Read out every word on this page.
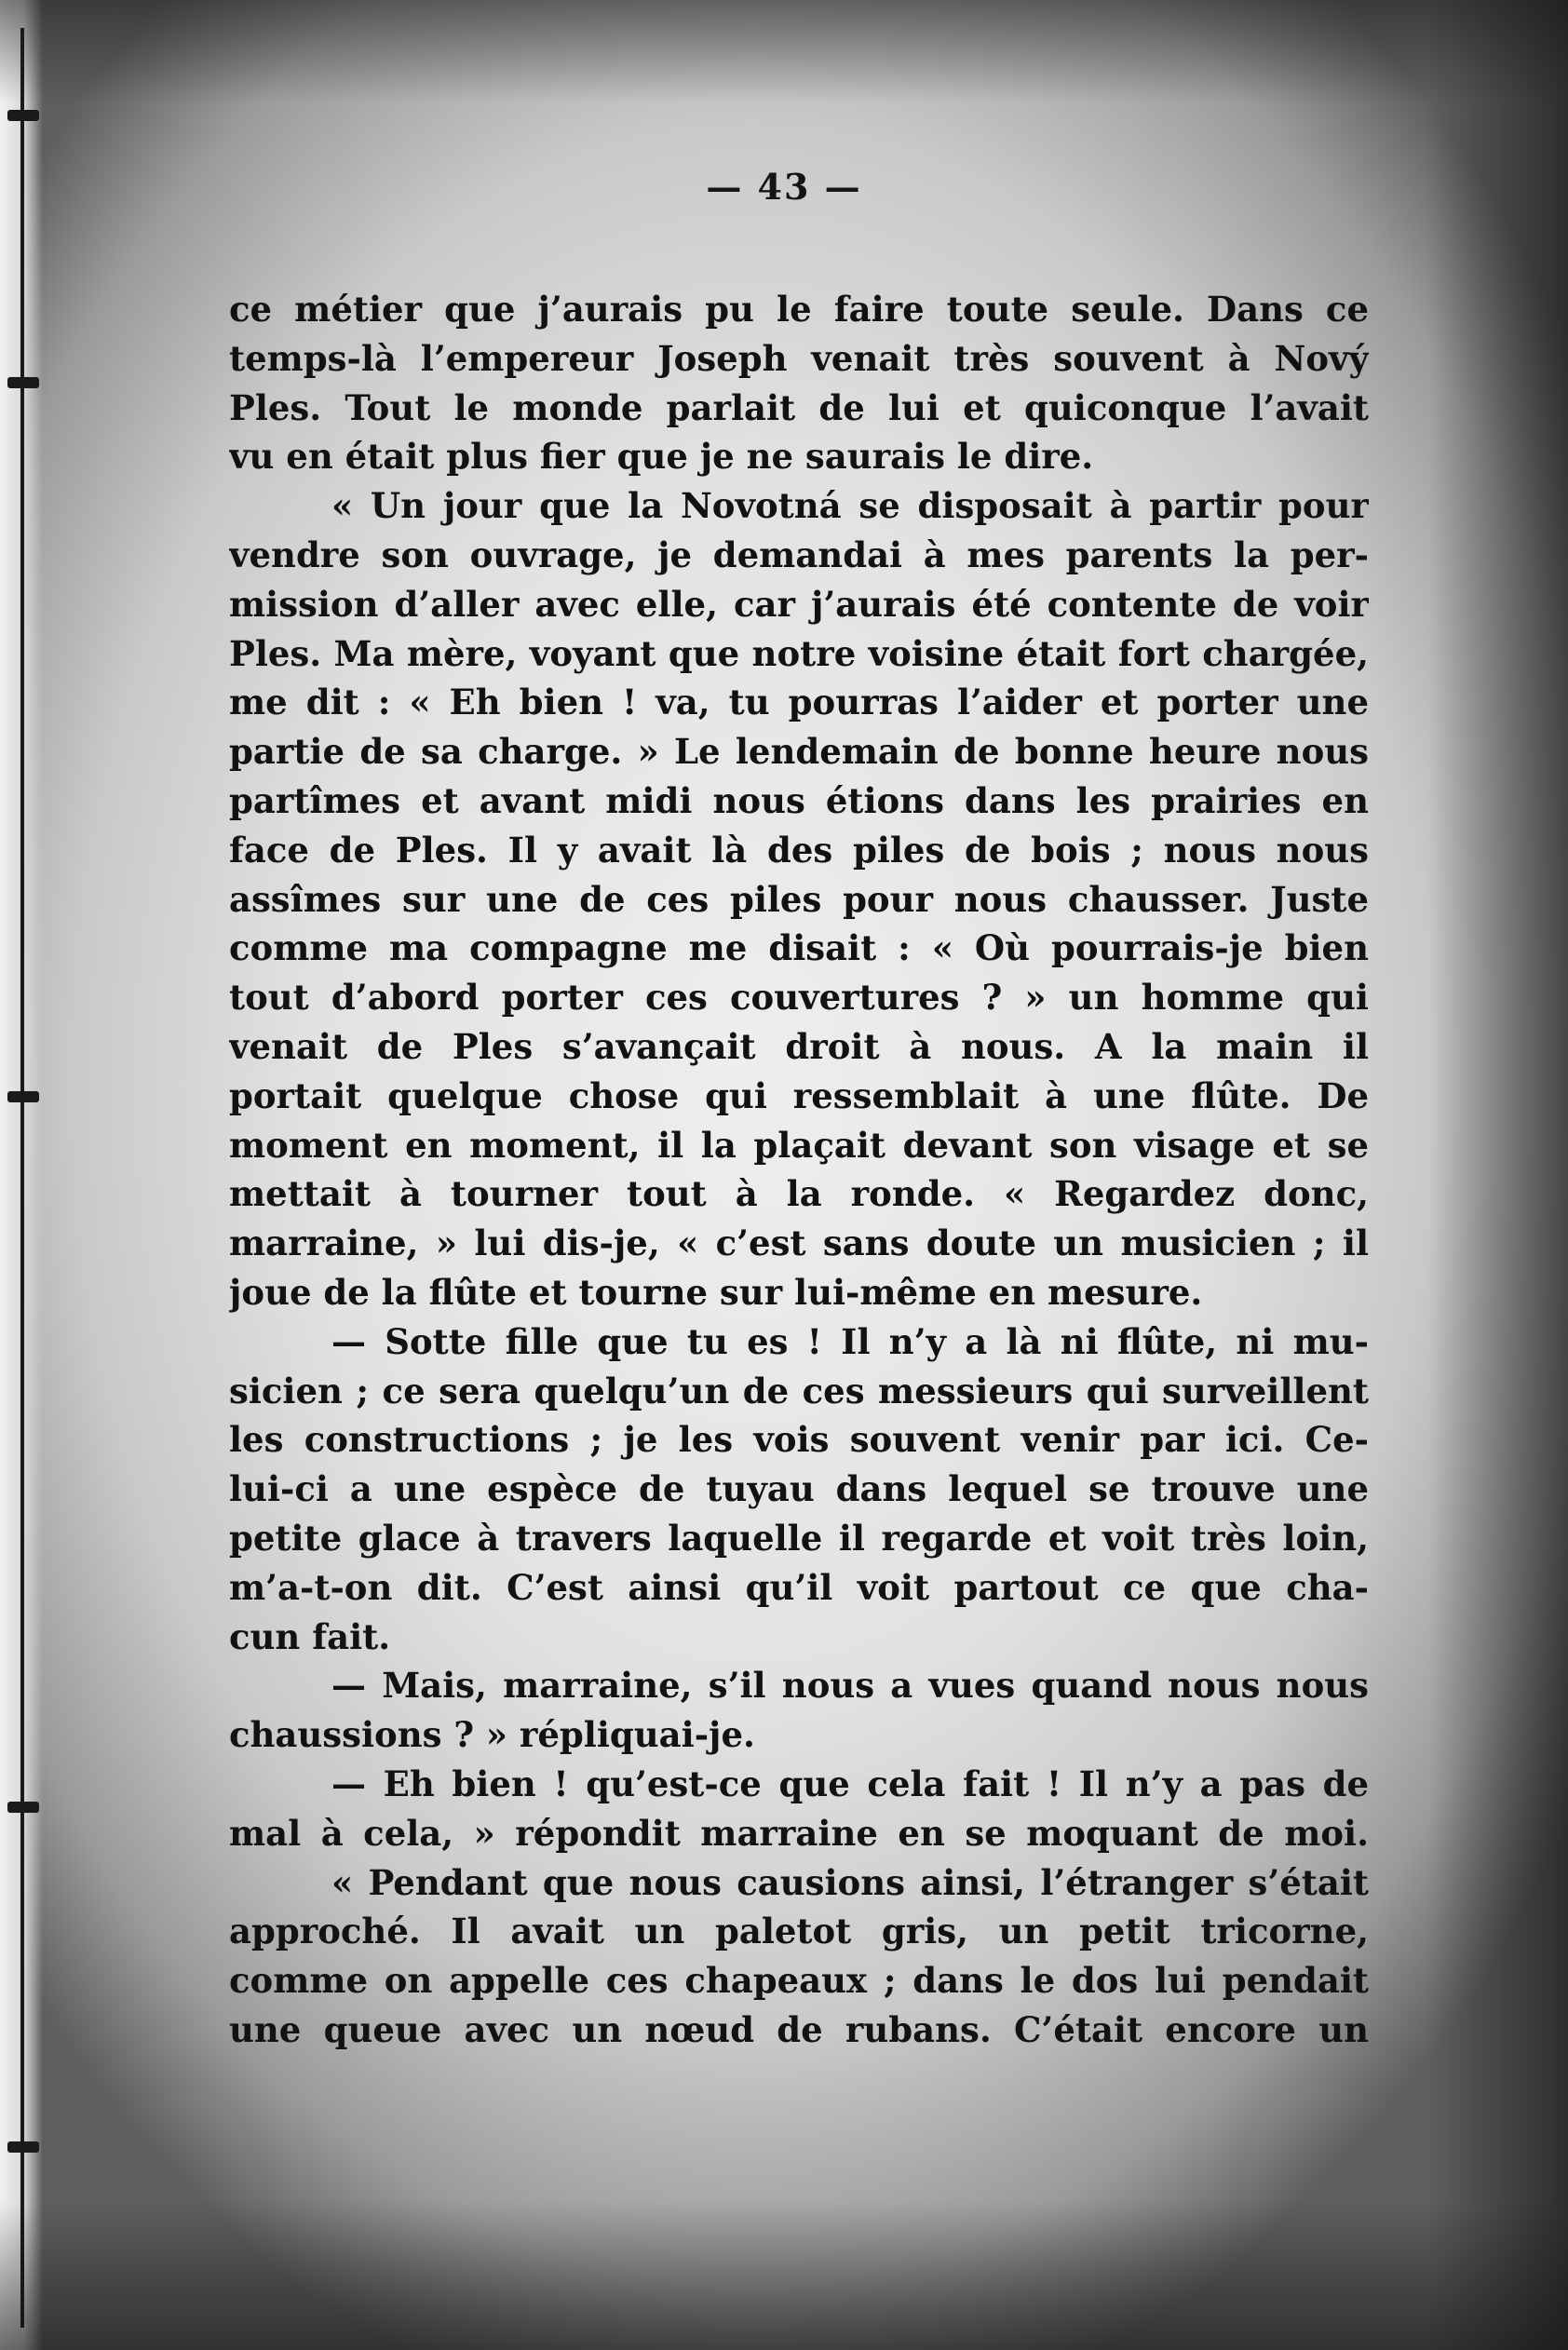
— 43 —
ce métier que j’aurais pu le faire toute seule. Dans ce
temps-là l’empereur Joseph venait très souvent à Nový
Ples. Tout le monde parlait de lui et quiconque l’avait
vu en était plus fier que je ne saurais le dire.
« Un jour que la Novotná se disposait à partir pour
vendre son ouvrage, je demandai à mes parents la per-
mission d’aller avec elle, car j’aurais été contente de voir
Ples. Ma mère, voyant que notre voisine était fort chargée,
me dit : « Eh bien ! va, tu pourras l’aider et porter une
partie de sa charge. » Le lendemain de bonne heure nous
partîmes et avant midi nous étions dans les prairies en
face de Ples. Il y avait là des piles de bois ; nous nous
assîmes sur une de ces piles pour nous chausser. Juste
comme ma compagne me disait : « Où pourrais-je bien
tout d’abord porter ces couvertures ? » un homme qui
venait de Ples s’avançait droit à nous. A la main il
portait quelque chose qui ressemblait à une flûte. De
moment en moment, il la plaçait devant son visage et se
mettait à tourner tout à la ronde. « Regardez donc,
marraine, » lui dis-je, « c’est sans doute un musicien ; il
joue de la flûte et tourne sur lui-même en mesure.
— Sotte fille que tu es ! Il n’y a là ni flûte, ni mu-
sicien ; ce sera quelqu’un de ces messieurs qui surveillent
les constructions ; je les vois souvent venir par ici. Ce-
lui-ci a une espèce de tuyau dans lequel se trouve une
petite glace à travers laquelle il regarde et voit très loin,
m’a-t-on dit. C’est ainsi qu’il voit partout ce que cha-
cun fait.
— Mais, marraine, s’il nous a vues quand nous nous
chaussions ? » répliquai-je.
— Eh bien ! qu’est-ce que cela fait ! Il n’y a pas de
mal à cela, » répondit marraine en se moquant de moi.
« Pendant que nous causions ainsi, l’étranger s’était
approché. Il avait un paletot gris, un petit tricorne,
comme on appelle ces chapeaux ; dans le dos lui pendait
une queue avec un nœud de rubans. C’était encore un
